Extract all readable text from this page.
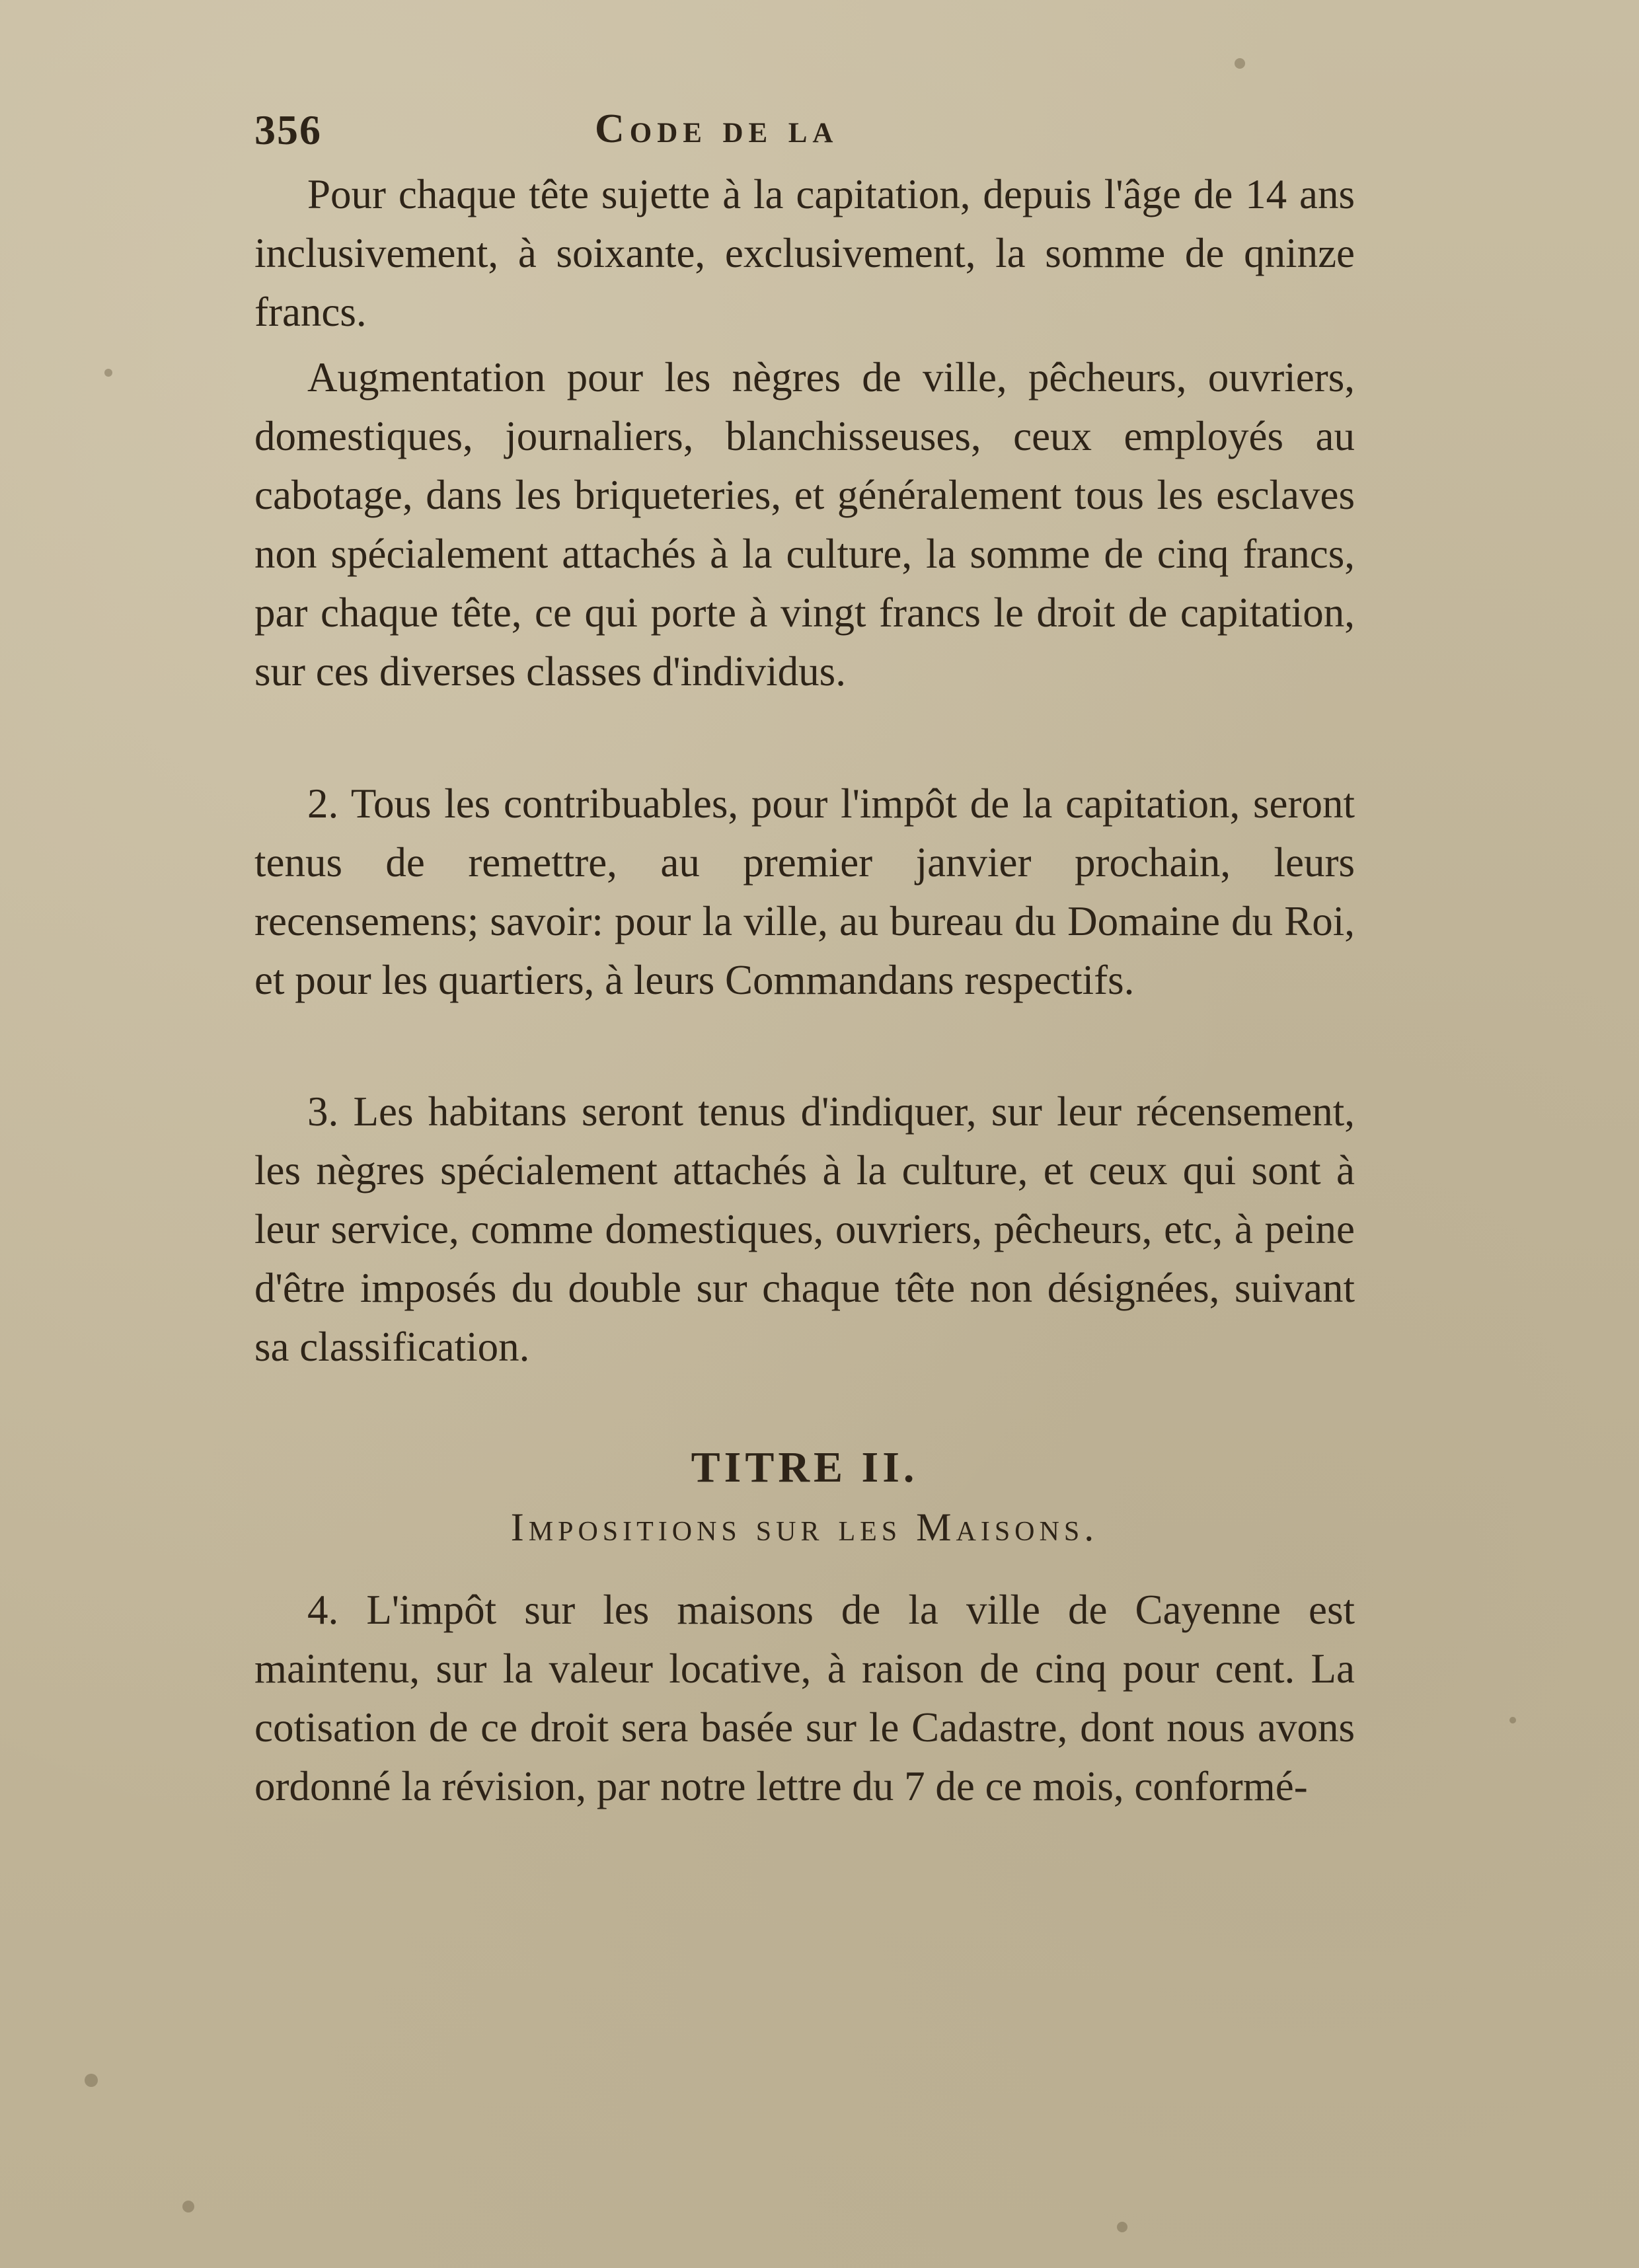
356	Code de la

Pour chaque tête sujette à la capitation, depuis l'âge de 14 ans inclusivement, à soixante, exclusivement, la somme de qninze francs.

Augmentation pour les nègres de ville, pêcheurs, ouvriers, domestiques, journaliers, blanchisseuses, ceux employés au cabotage, dans les briqueteries, et généralement tous les esclaves non spécialement attachés à la culture, la somme de cinq francs, par chaque tête, ce qui porte à vingt francs le droit de capitation, sur ces diverses classes d'individus.

2. Tous les contribuables, pour l'impôt de la capitation, seront tenus de remettre, au premier janvier prochain, leurs recensemens; savoir: pour la ville, au bureau du Domaine du Roi, et pour les quartiers, à leurs Commandans respectifs.

3. Les habitans seront tenus d'indiquer, sur leur récensement, les nègres spécialement attachés à la culture, et ceux qui sont à leur service, comme domestiques, ouvriers, pêcheurs, etc, à peine d'être imposés du double sur chaque tête non désignées, suivant sa classification.

TITRE II.
Impositions sur les Maisons.

4. L'impôt sur les maisons de la ville de Cayenne est maintenu, sur la valeur locative, à raison de cinq pour cent. La cotisation de ce droit sera basée sur le Cadastre, dont nous avons ordonné la révision, par notre lettre du 7 de ce mois, conformé-
